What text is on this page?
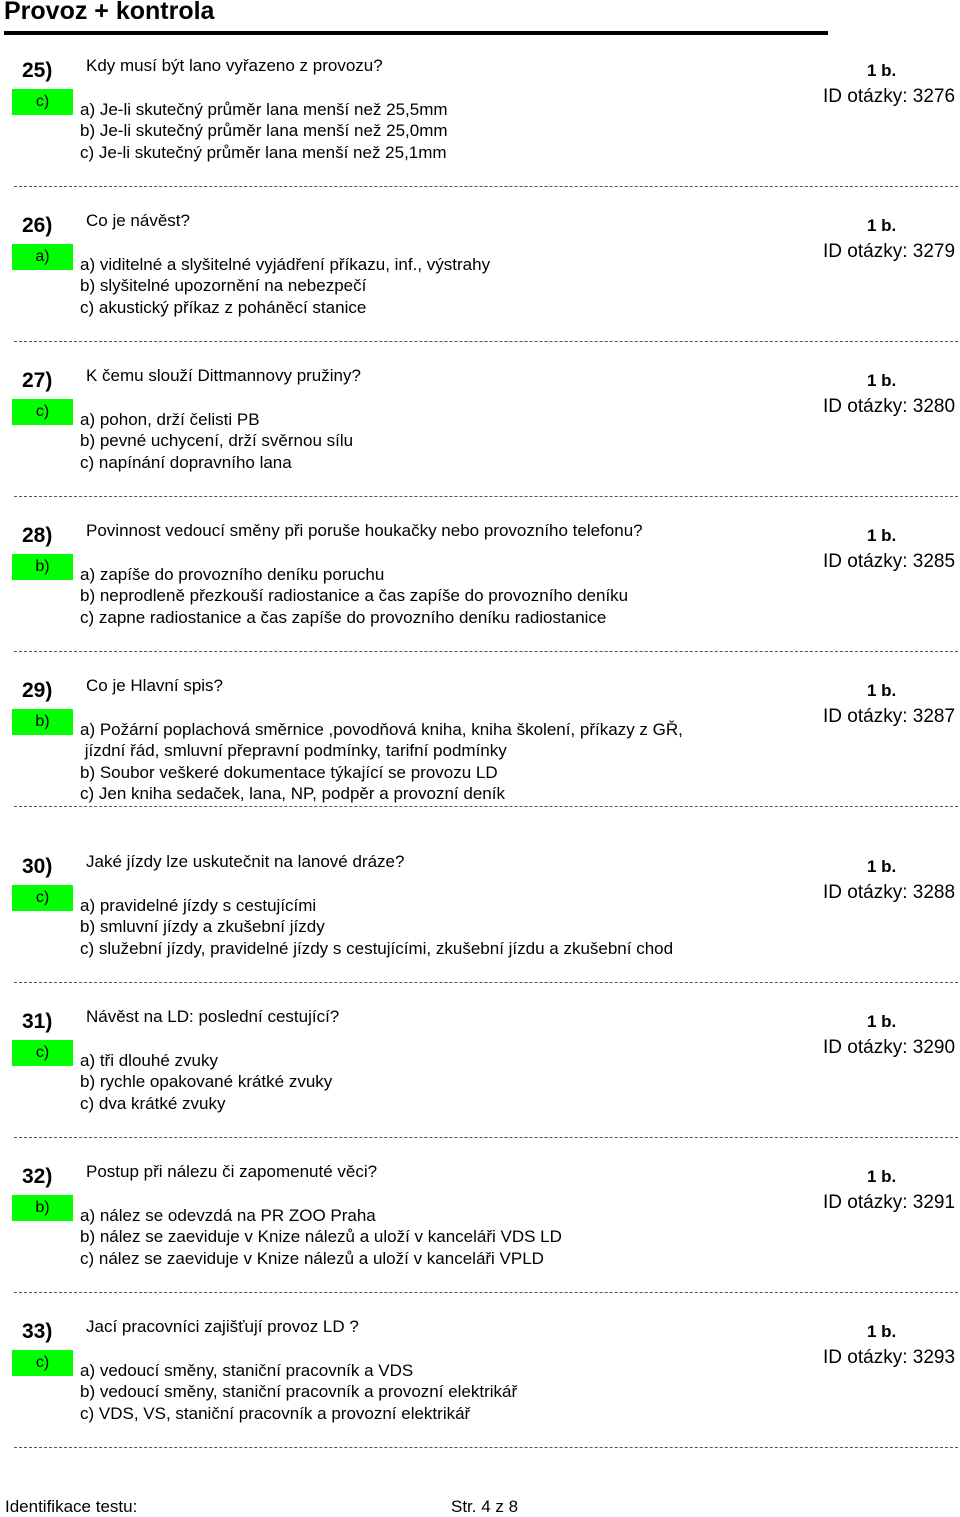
Provoz + kontrola
25)
c)
Kdy musí být lano vyřazeno z provozu?
a) Je-li skutečný průměr lana menší než 25,5mm
b) Je-li skutečný průměr lana menší než 25,0mm
c) Je-li skutečný průměr lana menší než 25,1mm
1 b.
ID otázky: 3276
26)
a)
Co je návěst?
a) viditelné a slyšitelné vyjádření příkazu, inf., výstrahy
b) slyšitelné upozornění na nebezpečí
c) akustický příkaz z poháněcí stanice
1 b.
ID otázky: 3279
27)
c)
K čemu slouží Dittmannovy pružiny?
a) pohon, drží čelisti PB
b) pevné uchycení, drží svěrnou sílu
c) napínání dopravního lana
1 b.
ID otázky: 3280
28)
b)
Povinnost vedoucí směny při poruše houkačky nebo provozního telefonu?
a) zapíše do provozního deníku poruchu
b) neprodleně přezkouší radiostanice a čas zapíše do provozního deníku
c) zapne radiostanice a čas zapíše do provozního deníku radiostanice
1 b.
ID otázky: 3285
29)
b)
Co je Hlavní spis?
a) Požární poplachová směrnice ,povodňová kniha, kniha školení, příkazy z GŘ,
jízdní řád, smluvní přepravní podmínky, tarifní podmínky
b) Soubor veškeré dokumentace týkající se provozu LD
c) Jen kniha sedaček, lana, NP, podpěr a provozní deník
1 b.
ID otázky: 3287
30)
c)
Jaké jízdy lze uskutečnit na lanové dráze?
a) pravidelné jízdy s cestujícími
b) smluvní jízdy a zkušební jízdy
c) služební jízdy, pravidelné jízdy s cestujícími, zkušební jízdu a zkušební chod
1 b.
ID otázky: 3288
31)
c)
Návěst na LD: poslední cestující?
a) tři dlouhé zvuky
b) rychle opakované krátké zvuky
c) dva krátké zvuky
1 b.
ID otázky: 3290
32)
b)
Postup při nálezu či zapomenuté věci?
a) nález se odevzdá na PR ZOO Praha
b) nález se zaeviduje v Knize nálezů a uloží v kanceláři VDS LD
c) nález se zaeviduje v Knize nálezů a uloží v kanceláři VPLD
1 b.
ID otázky: 3291
33)
c)
Jací pracovníci zajišťují provoz LD ?
a) vedoucí směny, staniční pracovník a VDS
b) vedoucí směny, staniční pracovník a provozní elektrikář
c) VDS, VS, staniční pracovník a provozní elektrikář
1 b.
ID otázky: 3293
Identifikace testu:	Str. 4 z 8
